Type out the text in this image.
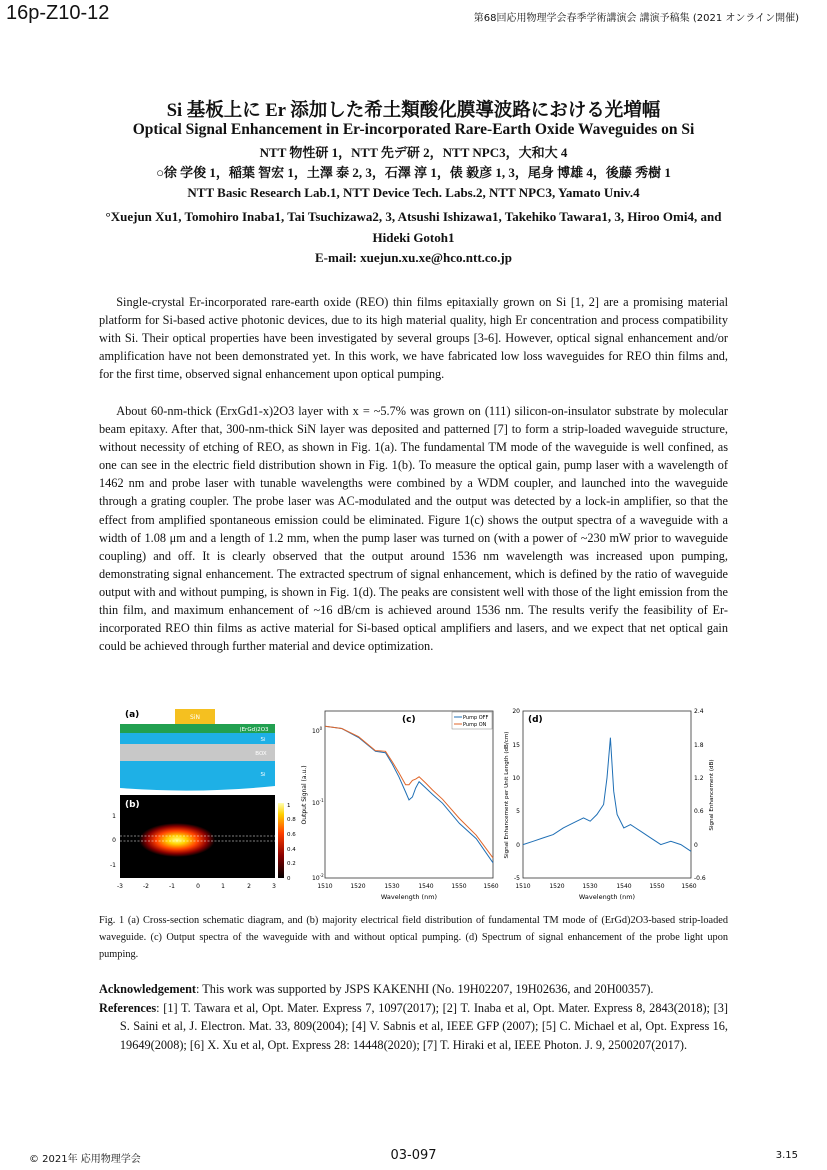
16p-Z10-12	第68回応用物理学会春季学術講演会 講演予稿集 (2021 オンライン開催)
Si 基板上に Er 添加した希土類酸化膜導波路における光増幅
Optical Signal Enhancement in Er-incorporated Rare-Earth Oxide Waveguides on Si
NTT 物性研 1，NTT 先デ研 2，NTT NPC3，大和大 4
○徐 学俊 1，稲葉 智宏 1，土澤 泰 2, 3，石澤 淳 1，俵 毅彦 1, 3，尾身 博雄 4，後藤 秀樹 1
NTT Basic Research Lab.1, NTT Device Tech. Labs.2, NTT NPC3, Yamato Univ.4
°Xuejun Xu1, Tomohiro Inaba1, Tai Tsuchizawa2, 3, Atsushi Ishizawa1, Takehiko Tawara1, 3, Hiroo Omi4, and Hideki Gotoh1
E-mail: xuejun.xu.xe@hco.ntt.co.jp

Single-crystal Er-incorporated rare-earth oxide (REO) thin films epitaxially grown on Si [1, 2] are a promising material platform for Si-based active photonic devices, due to its high material quality, high Er concentration and process compatibility with Si. Their optical properties have been investigated by several groups [3-6]. However, optical signal enhancement and/or amplification have not been demonstrated yet. In this work, we have fabricated low loss waveguides for REO thin films and, for the first time, observed signal enhancement upon optical pumping.

About 60-nm-thick (ErxGd1-x)2O3 layer with x = ~5.7% was grown on (111) silicon-on-insulator substrate by molecular beam epitaxy. After that, 300-nm-thick SiN layer was deposited and patterned [7] to form a strip-loaded waveguide structure, without necessity of etching of REO, as shown in Fig. 1(a). The fundamental TM mode of the waveguide is well confined, as one can see in the electric field distribution shown in Fig. 1(b). To measure the optical gain, pump laser with a wavelength of 1462 nm and probe laser with tunable wavelengths were combined by a WDM coupler, and launched into the waveguide through a grating coupler. The probe laser was AC-modulated and the output was detected by a lock-in amplifier, so that the effect from amplified spontaneous emission could be eliminated. Figure 1(c) shows the output spectra of a waveguide with a width of 1.08 μm and a length of 1.2 mm, when the pump laser was turned on (with a power of ~230 mW prior to waveguide coupling) and off. It is clearly observed that the output around 1536 nm wavelength was increased upon pumping, demonstrating signal enhancement. The extracted spectrum of signal enhancement, which is defined by the ratio of waveguide output with and without pumping, is shown in Fig. 1(d). The peaks are consistent well with those of the light emission from the thin film, and maximum enhancement of ~16 dB/cm is achieved around 1536 nm. The results verify the feasibility of Er-incorporated REO thin films as active material for Si-based optical amplifiers and lasers, and we expect that net optical gain could be achieved through further material and device optimization.

SiN
(ErGd)2O3
Si
BOX
Si
(a)
(b)
1
0
-1
-3	-2	-1	0	1	2	3
1
0.8
0.6
0.4
0.2
0
(c)
$10^0$
$10^{-1}$
$10^{-2}$
Output Signal (a.u.)
1510	1520	1530	1540	1550	1560
Wavelength (nm)
Pump OFF
Pump ON	(d)
20
15
10
5
0
-5
2.4
1.8
1.2
0.6
0
-0.6
Signal Enhancement per Unit Length (dB/cm)	Signal Enhancement (dB)
1510	1520	1530	1540	1550	1560
Wavelength (nm)

Fig. 1 (a) Cross-section schematic diagram, and (b) majority electrical field distribution of fundamental TM mode of (ErGd)2O3-based strip-loaded waveguide. (c) Output spectra of the waveguide with and without optical pumping. (d) Spectrum of signal enhancement of the probe light upon pumping.

Acknowledgement: This work was supported by JSPS KAKENHI (No. 19H02207, 19H02636, and 20H00357).

References: [1] T. Tawara et al, Opt. Mater. Express 7, 1097(2017); [2] T. Inaba et al, Opt. Mater. Express 8, 2843(2018); [3] S. Saini et al, J. Electron. Mat. 33, 809(2004); [4] V. Sabnis et al, IEEE GFP (2007); [5] C. Michael et al, Opt. Express 16, 19649(2008); [6] X. Xu et al, Opt. Express 28: 14448(2020); [7] T. Hiraki et al, IEEE Photon. J. 9, 2500207(2017).

© 2021年 応用物理学会	03-097	3.15
